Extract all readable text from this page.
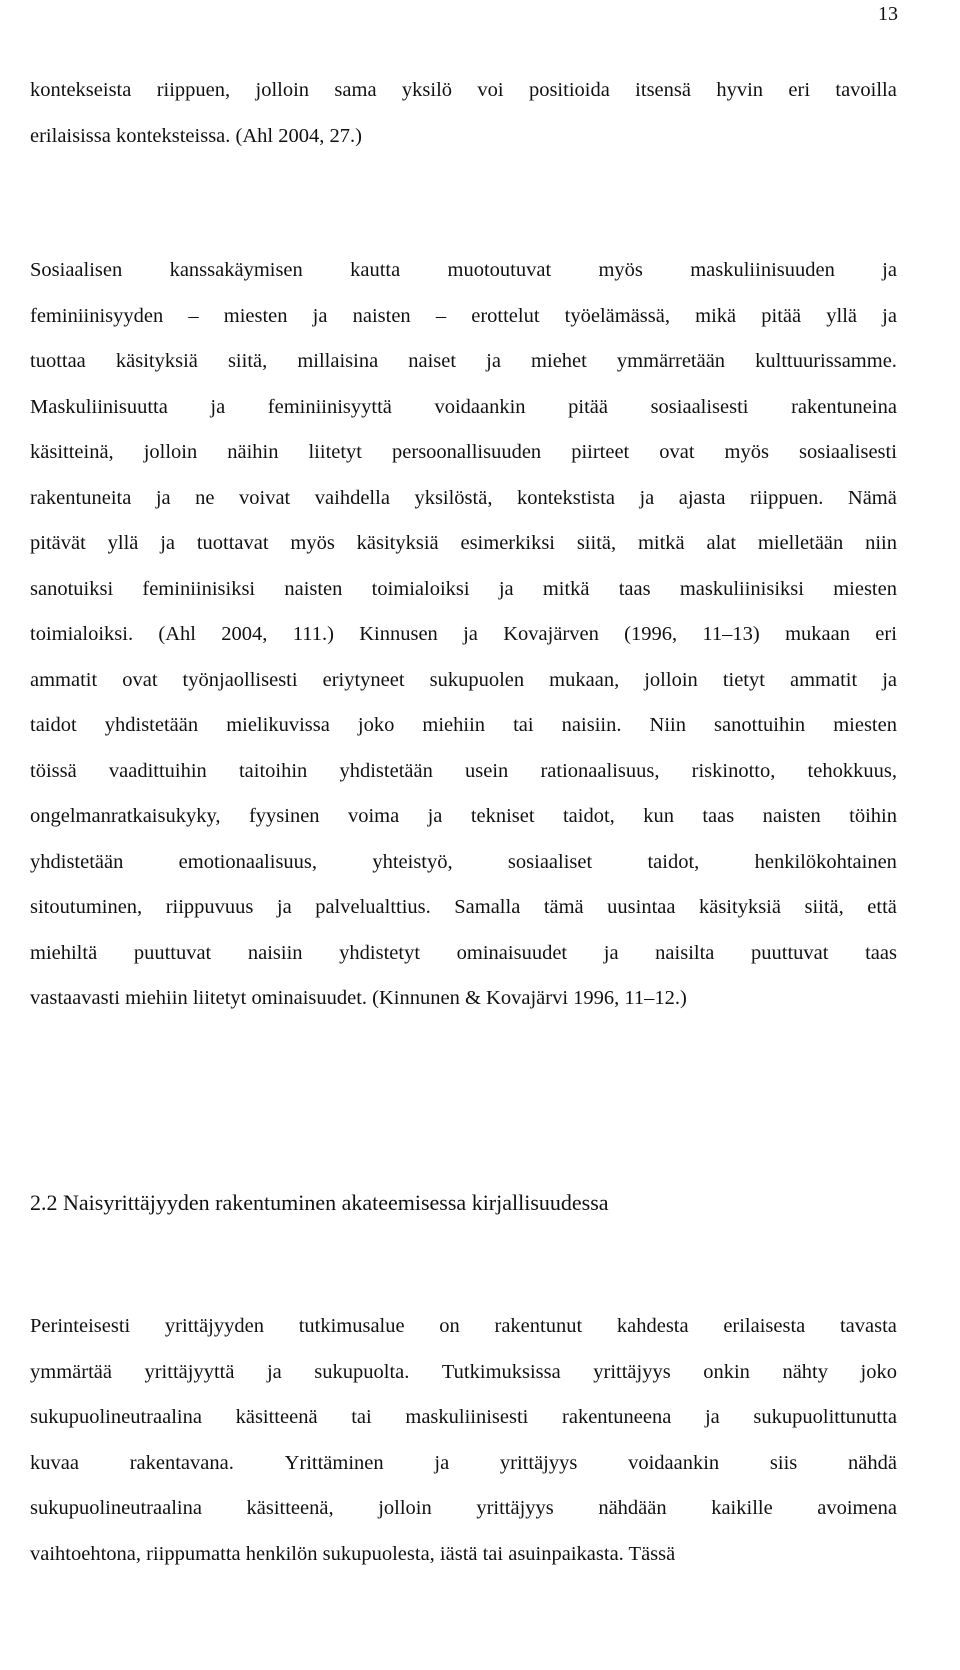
13
kontekseista riippuen, jolloin sama yksilö voi positioida itsensä hyvin eri tavoilla
erilaisissa konteksteissa. (Ahl 2004, 27.)
Sosiaalisen kanssakäymisen kautta muotoutuvat myös maskuliinisuuden ja
feminiinisyyden – miesten ja naisten – erottelut työelämässä, mikä pitää yllä ja
tuottaa käsityksiä siitä, millaisina naiset ja miehet ymmärretään kulttuurissamme.
Maskuliinisuutta ja feminiinisyyttä voidaankin pitää sosiaalisesti rakentuneina
käsitteinä, jolloin näihin liitetyt persoonallisuuden piirteet ovat myös sosiaalisesti
rakentuneita ja ne voivat vaihdella yksilöstä, kontekstista ja ajasta riippuen. Nämä
pitävät yllä ja tuottavat myös käsityksiä esimerkiksi siitä, mitkä alat mielletään niin
sanotuiksi feminiinisiksi naisten toimialoiksi ja mitkä taas maskuliinisiksi miesten
toimialoiksi. (Ahl 2004, 111.) Kinnusen ja Kovajärven (1996, 11–13) mukaan eri
ammatit ovat työnjaollisesti eriytyneet sukupuolen mukaan, jolloin tietyt ammatit ja
taidot yhdistetään mielikuvissa joko miehiin tai naisiin. Niin sanottuihin miesten
töissä vaadittuihin taitoihin yhdistetään usein rationaalisuus, riskinotto, tehokkuus,
ongelmanratkaisukyky, fyysinen voima ja tekniset taidot, kun taas naisten töihin
yhdistetään	emotionaalisuus,	yhteistyö,	sosiaaliset	taidot,	henkilökohtainen
sitoutuminen, riippuvuus ja palvelualttius. Samalla tämä uusintaa käsityksiä siitä, että
miehiltä puuttuvat naisiin yhdistetyt ominaisuudet ja naisilta puuttuvat taas
vastaavasti miehiin liitetyt ominaisuudet. (Kinnunen & Kovajärvi 1996, 11–12.)
2.2 Naisyrittäjyyden rakentuminen akateemisessa kirjallisuudessa
Perinteisesti yrittäjyyden tutkimusalue on rakentunut kahdesta erilaisesta tavasta
ymmärtää yrittäjyyttä ja sukupuolta. Tutkimuksissa yrittäjyys onkin nähty joko
sukupuolineutraalina käsitteenä tai maskuliinisesti rakentuneena ja sukupuolittunutta
kuvaa rakentavana. Yrittäminen ja yrittäjyys voidaankin siis nähdä
sukupuolineutraalina käsitteenä, jolloin yrittäjyys nähdään kaikille avoimena
vaihtoehtona, riippumatta henkilön sukupuolesta, iästä tai asuinpaikasta. Tässä
